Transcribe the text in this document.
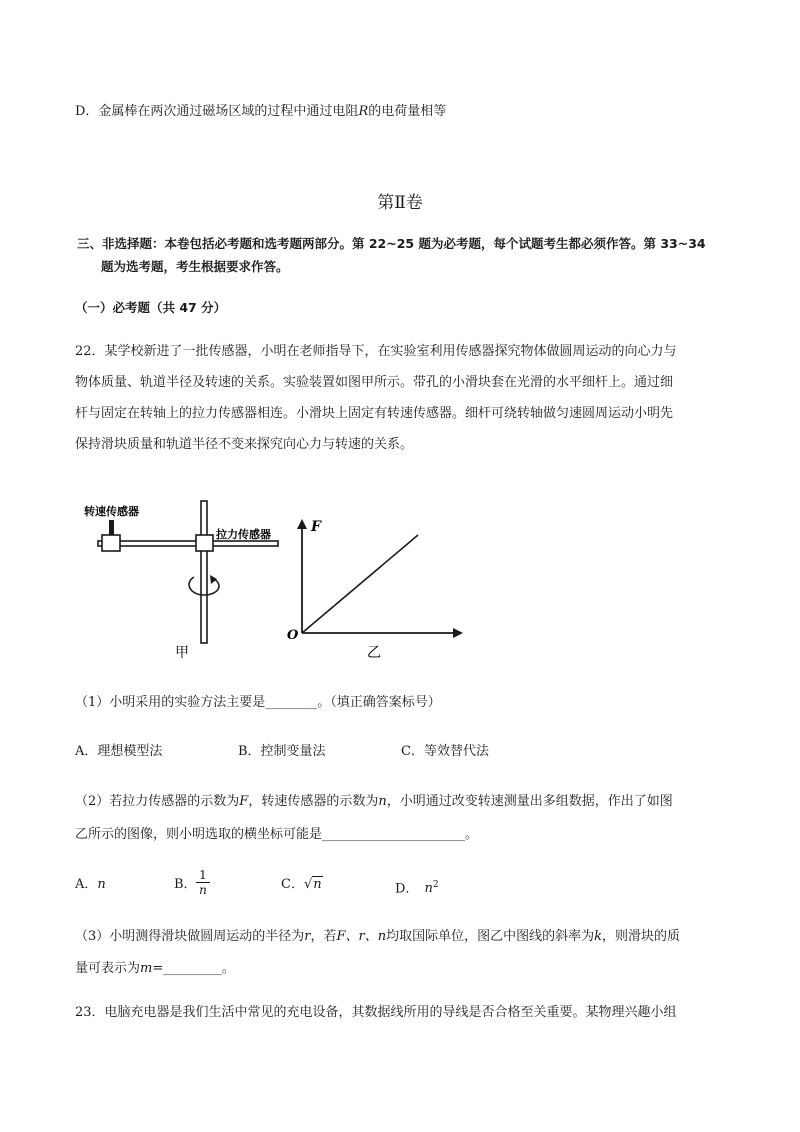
D．金属棒在两次通过磁场区域的过程中通过电阻R的电荷量相等
第Ⅱ卷
三、非选择题：本卷包括必考题和选考题两部分。第 22~25 题为必考题，每个试题考生都必须作答。第 33~34
题为选考题，考生根据要求作答。
（一）必考题（共 47 分）
22．某学校新进了一批传感器，小明在老师指导下，在实验室利用传感器探究物体做圆周运动的向心力与
物体质量、轨道半径及转速的关系。实验装置如图甲所示。带孔的小滑块套在光滑的水平细杆上。通过细
杆与固定在转轴上的拉力传感器相连。小滑块上固定有转速传感器。细杆可绕转轴做匀速圆周运动小明先
保持滑块质量和轨道半径不变来探究向心力与转速的关系。
转速传感器
拉力传感器
甲
F
O
乙
（1）小明采用的实验方法主要是________。（填正确答案标号）
A．理想模型法	B．控制变量法	C．等效替代法
（2）若拉力传感器的示数为F，转速传感器的示数为n，小明通过改变转速测量出多组数据，作出了如图
乙所示的图像，则小明选取的横坐标可能是______________________。
A．n	B． $\frac{1}{n}$	C．√n	D． $n^2$
（3）小明测得滑块做圆周运动的半径为r，若F、r、n均取国际单位，图乙中图线的斜率为k，则滑块的质
量可表示为m=_________。
23．电脑充电器是我们生活中常见的充电设备，其数据线所用的导线是否合格至关重要。某物理兴趣小组
